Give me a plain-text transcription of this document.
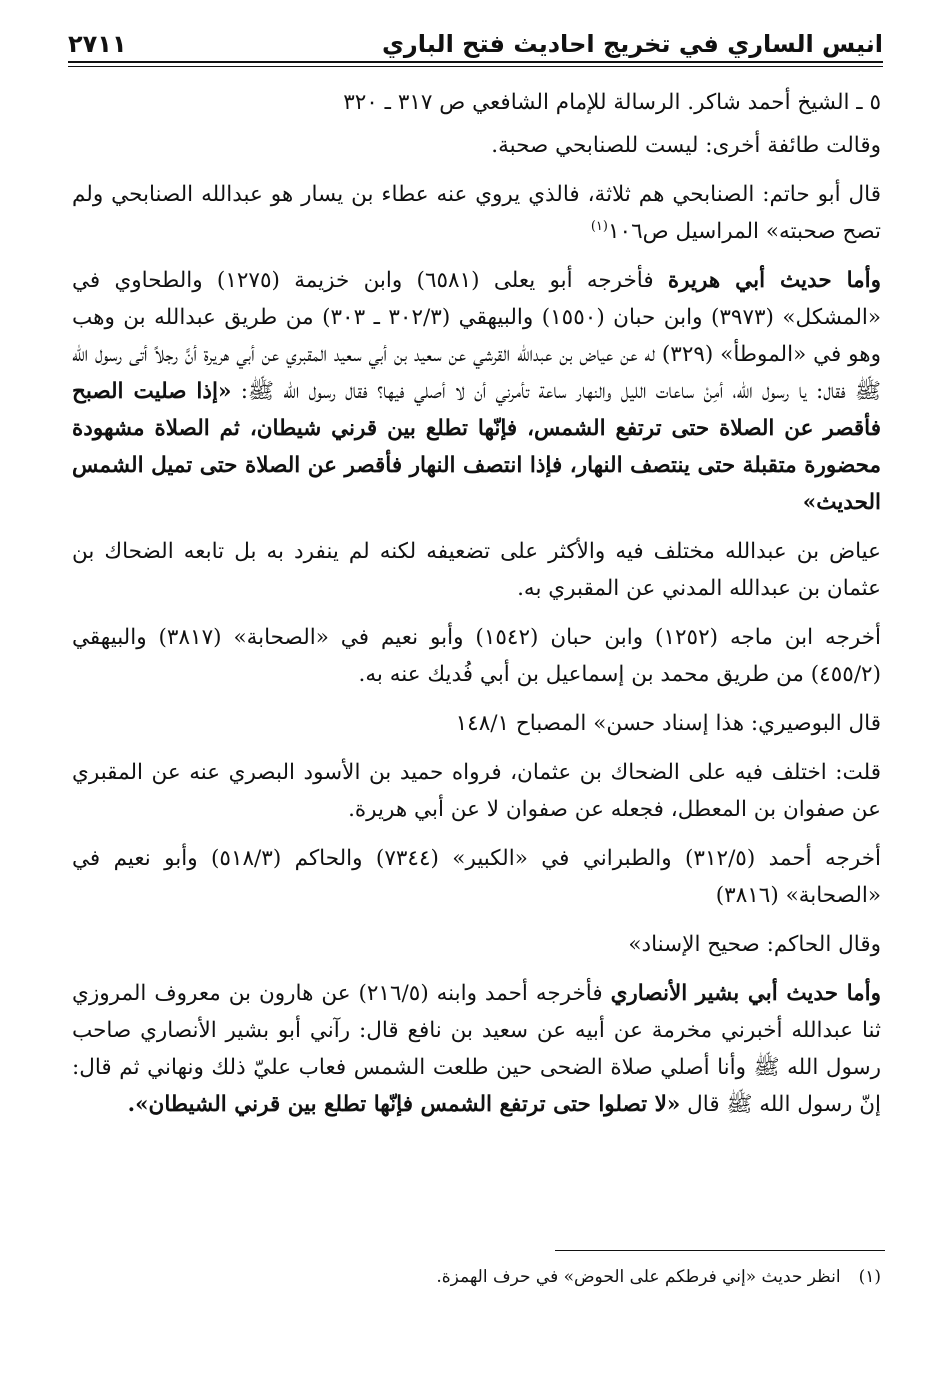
انيس الساري في تخريج احاديث فتح الباري
٢٧١١

٥ ـ الشيخ أحمد شاكر. الرسالة للإمام الشافعي ص ٣١٧ ـ ٣٢٠

وقالت طائفة أخرى: ليست للصنابحي صحبة.

قال أبو حاتم: الصنابحي هم ثلاثة، فالذي يروي عنه عطاء بن يسار هو عبدالله الصنابحي ولم تصح صحبته» المراسيل ص١٠٦$^{(١)}$

وأما حديث أبي هريرة فأخرجه أبو يعلى (٦٥٨١) وابن خزيمة (١٢٧٥) والطحاوي في «المشكل» (٣٩٧٣) وابن حبان (١٥٥٠) والبيهقي (٣٠٢/٣ ـ ٣٠٣) من طريق عبدالله بن وهب وهو في «الموطأ» (٣٢٩) له عن عياض بن عبدالله القرشي عن سعيد بن أبي سعيد المقبري عن أبي هريرة أنَّ رجلاً أتى رسول الله ﷺ فقال: يا رسول الله، أمِنْ ساعات الليل والنهار ساعة تأمرني أن لا أصلي فيها؟ فقال رسول الله ﷺ: «إذا صليت الصبح فأقصر عن الصلاة حتى ترتفع الشمس، فإنّها تطلع بين قرني شيطان، ثم الصلاة مشهودة محضورة متقبلة حتى ينتصف النهار، فإذا انتصف النهار فأقصر عن الصلاة حتى تميل الشمس الحديث»

عياض بن عبدالله مختلف فيه والأكثر على تضعيفه لكنه لم ينفرد به بل تابعه الضحاك بن عثمان بن عبدالله المدني عن المقبري به.

أخرجه ابن ماجه (١٢٥٢) وابن حبان (١٥٤٢) وأبو نعيم في «الصحابة» (٣٨١٧) والبيهقي (٤٥٥/٢) من طريق محمد بن إسماعيل بن أبي فُديك عنه به.

قال البوصيري: هذا إسناد حسن» المصباح ١٤٨/١

قلت: اختلف فيه على الضحاك بن عثمان، فرواه حميد بن الأسود البصري عنه عن المقبري عن صفوان بن المعطل، فجعله عن صفوان لا عن أبي هريرة.

أخرجه أحمد (٣١٢/٥) والطبراني في «الكبير» (٧٣٤٤) والحاكم (٥١٨/٣) وأبو نعيم في «الصحابة» (٣٨١٦)

وقال الحاكم: صحيح الإسناد»

وأما حديث أبي بشير الأنصاري فأخرجه أحمد وابنه (٢١٦/٥) عن هارون بن معروف المروزي ثنا عبدالله أخبرني مخرمة عن أبيه عن سعيد بن نافع قال: رآني أبو بشير الأنصاري صاحب رسول الله ﷺ وأنا أصلي صلاة الضحى حين طلعت الشمس فعاب عليّ ذلك ونهاني ثم قال: إنّ رسول الله ﷺ قال «لا تصلوا حتى ترتفع الشمس فإنّها تطلع بين قرني الشيطان».

(١)انظر حديث «إني فرطكم على الحوض» في حرف الهمزة.
